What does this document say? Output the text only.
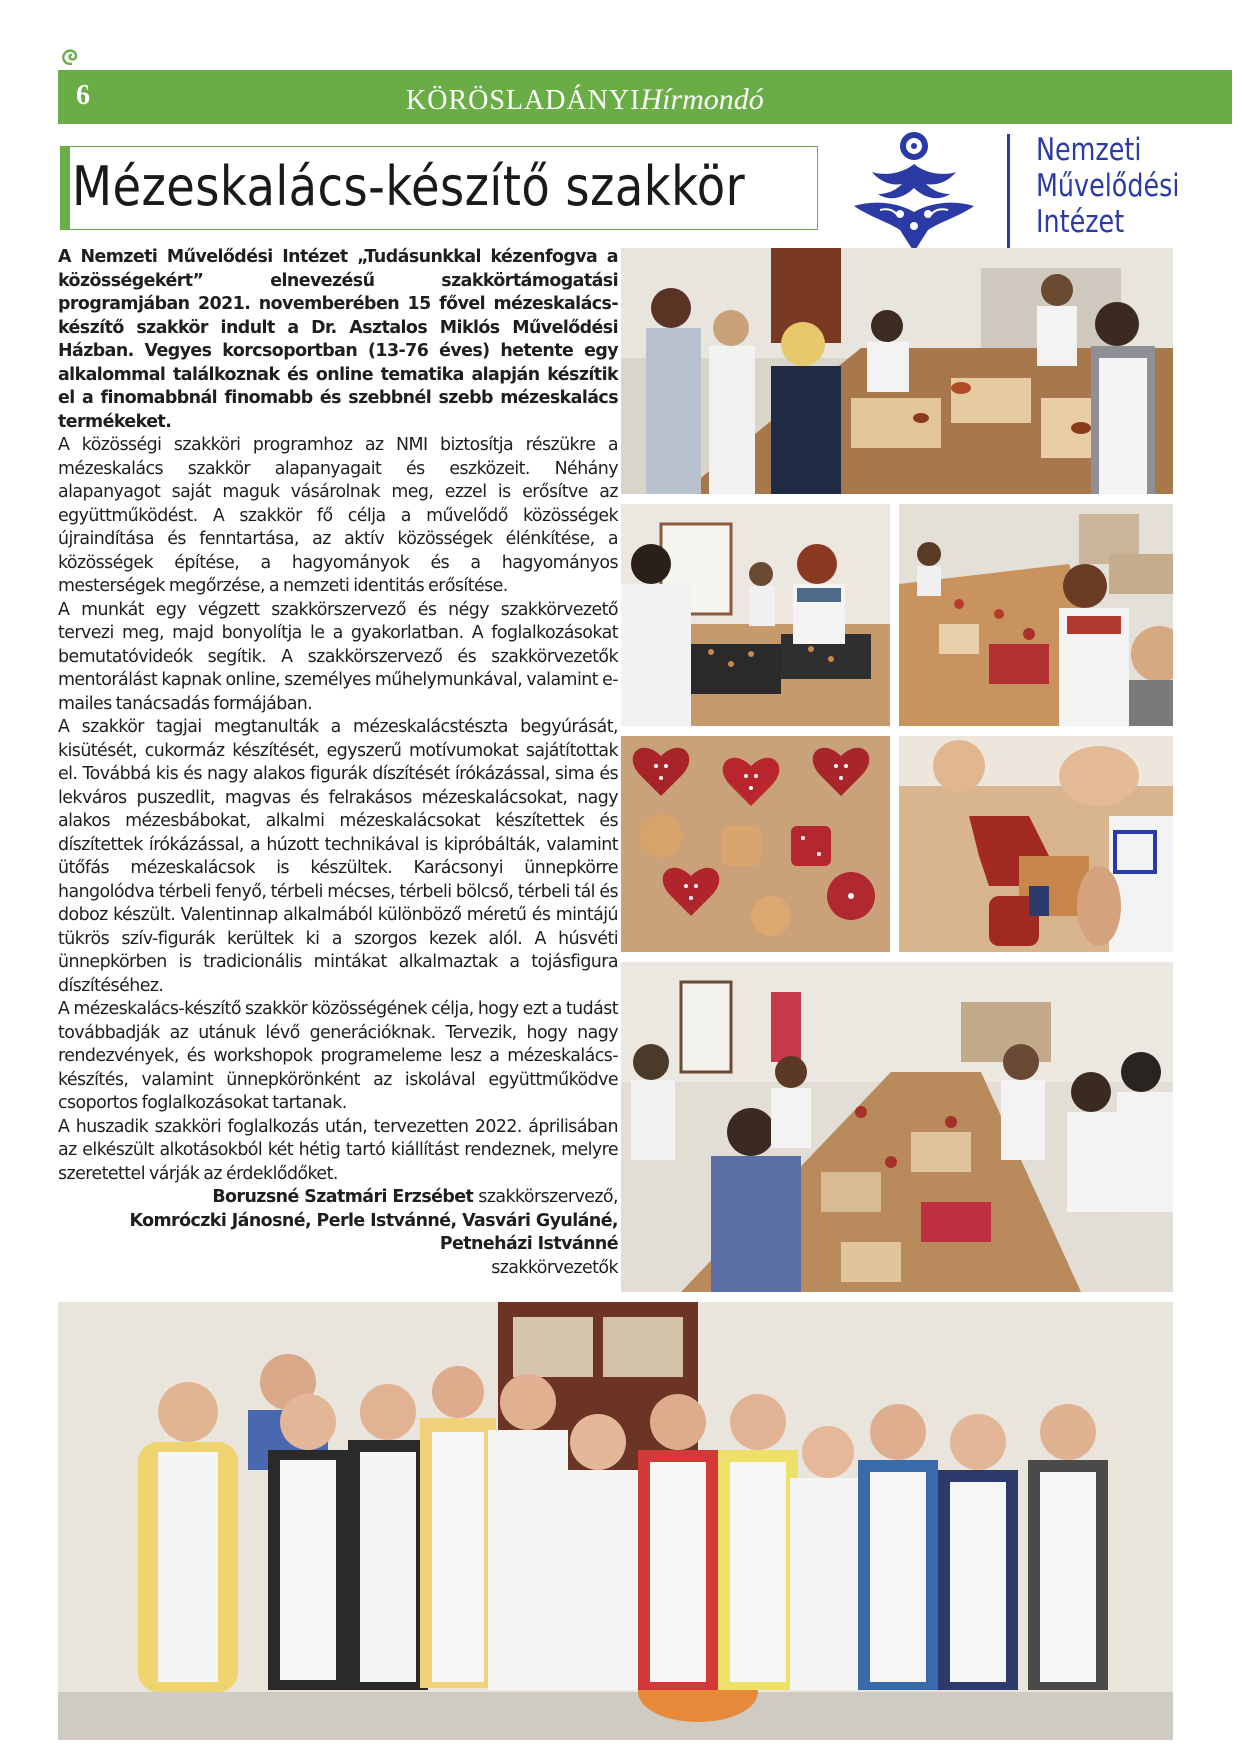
6	KÖRÖSLADÁNYIHírmondó
Mézeskalács-készítő szakkör
Nemzeti
Művelődési
Intézet

A Nemzeti Művelődési Intézet „Tudásunkkal kézenfogva a közösségekért” elnevezésű szakkörtámogatási programjában 2021. novemberében 15 fővel mézeskalács-készítő szakkör indult a Dr. Asztalos Miklós Művelődési Házban. Vegyes korcsoportban (13-76 éves) hetente egy alkalommal találkoznak és online tematika alapján készítik el a finomabbnál finomabb és szebbnél szebb mézeskalács termékeket.

A közösségi szakköri programhoz az NMI biztosítja részükre a mézeskalács szakkör alapanyagait és eszközeit. Néhány alapanyagot saját maguk vásárolnak meg, ezzel is erősítve az együttműködést. A szakkör fő célja a művelődő közösségek újraindítása és fenntartása, az aktív közösségek élénkítése, a közösségek építése, a hagyományok és a hagyományos mesterségek megőrzése, a nemzeti identitás erősítése.

A munkát egy végzett szakkörszervező és négy szakkörvezető tervezi meg, majd bonyolítja le a gyakorlatban. A foglalkozásokat bemutatóvideók segítik. A szakkörszervező és szakkörvezetők mentorálást kapnak online, személyes műhelymunkával, valamint e-mailes tanácsadás formájában.

A szakkör tagjai megtanulták a mézeskalácstészta begyúrását, kisütését, cukormáz készítését, egyszerű motívumokat sajátítottak el. Továbbá kis és nagy alakos figurák díszítését írókázással, sima és lekváros puszedlit, magvas és felrakásos mézeskalácsokat, nagy alakos mézesbábokat, alkalmi mézeskalácsokat készítettek és díszítettek írókázással, a húzott technikával is kipróbálták, valamint ütőfás mézeskalácsok is készültek. Karácsonyi ünnepkörre hangolódva térbeli fenyő, térbeli mécses, térbeli bölcső, térbeli tál és doboz készült. Valentinnap alkalmából különböző méretű és mintájú tükrös szív-figurák kerültek ki a szorgos kezek alól. A húsvéti ünnepkörben is tradicionális mintákat alkalmaztak a tojásfigura díszítéséhez.

A mézeskalács-készítő szakkör közösségének célja, hogy ezt a tudást továbbadják az utánuk lévő generációknak. Tervezik, hogy nagy rendezvények, és workshopok programeleme lesz a mézeskalács-készítés, valamint ünnepkörönként az iskolával együttműködve csoportos foglalkozásokat tartanak.

A huszadik szakköri foglalkozás után, tervezetten 2022. áprilisában az elkészült alkotásokból két hétig tartó kiállítást rendeznek, melyre szeretettel várják az érdeklődőket.

Boruzsné Szatmári Erzsébet szakkörszervező,

Komróczki Jánosné, Perle Istvánné, Vasvári Gyuláné, Petneházi Istvánné

szakkörvezetők
